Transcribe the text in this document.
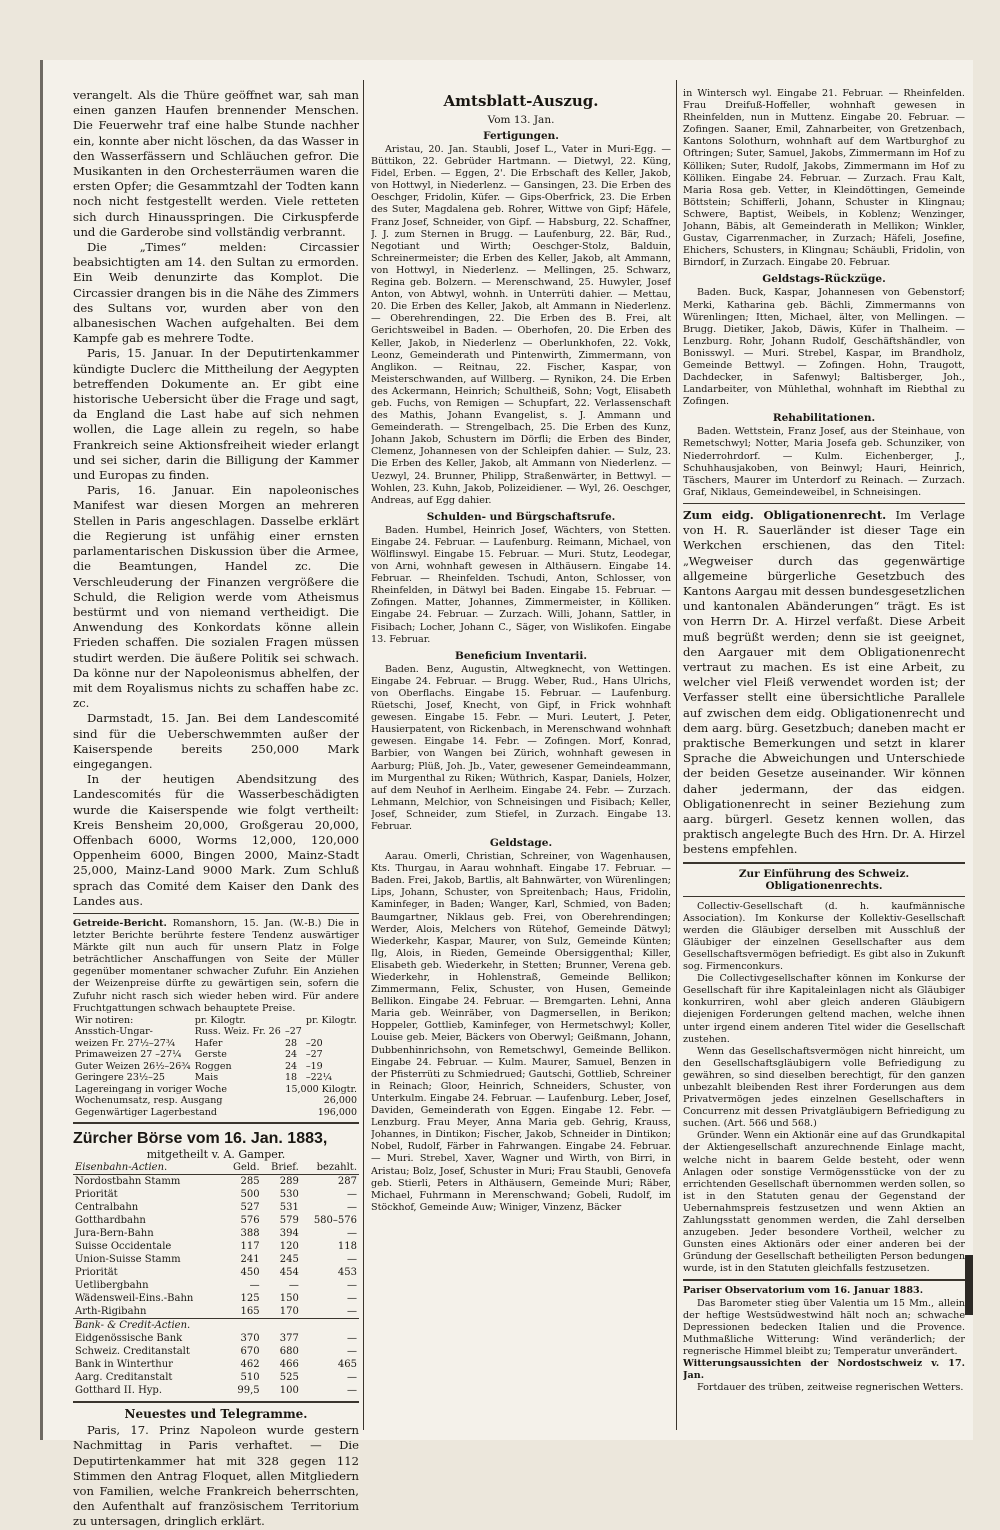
verangelt. Als die Thüre geöffnet war, sah man einen ganzen Haufen brennender Menschen. Die Feuerwehr traf eine halbe Stunde nachher ein, konnte aber nicht löschen, da das Wasser in den Wasserfässern und Schläuchen gefror. Die Musikanten in den Orchesterräumen waren die ersten Opfer; die Gesammtzahl der Todten kann noch nicht festgestellt werden. Viele retteten sich durch Hinausspringen. Die Cirkuspferde und die Garderobe sind vollständig verbrannt.

Die „Times“ melden: Circassier beabsichtigten am 14. den Sultan zu ermorden. Ein Weib denunzirte das Komplot. Die Circassier drangen bis in die Nähe des Zimmers des Sultans vor, wurden aber von den albanesischen Wachen aufgehalten. Bei dem Kampfe gab es mehrere Todte.

Paris, 15. Januar. In der Deputirtenkammer kündigte Duclerc die Mittheilung der Aegypten betreffenden Dokumente an. Er gibt eine historische Uebersicht über die Frage und sagt, da England die Last habe auf sich nehmen wollen, die Lage allein zu regeln, so habe Frankreich seine Aktionsfreiheit wieder erlangt und sei sicher, darin die Billigung der Kammer und Europas zu finden.

Paris, 16. Januar. Ein napoleonisches Manifest war diesen Morgen an mehreren Stellen in Paris angeschlagen. Dasselbe erklärt die Regierung ist unfähig einer ernsten parlamentarischen Diskussion über die Armee, die Beamtungen, Handel zc. Die Verschleuderung der Finanzen vergrößere die Schuld, die Religion werde vom Atheismus bestürmt und von niemand vertheidigt. Die Anwendung des Konkordats könne allein Frieden schaffen. Die sozialen Fragen müssen studirt werden. Die äußere Politik sei schwach. Da könne nur der Napoleonismus abhelfen, der mit dem Royalismus nichts zu schaffen habe zc. zc.

Darmstadt, 15. Jan. Bei dem Landescomité sind für die Ueberschwemmten außer der Kaiserspende bereits 250,000 Mark eingegangen.

In der heutigen Abendsitzung des Landescomités für die Wasserbeschädigten wurde die Kaiserspende wie folgt vertheilt: Kreis Bensheim 20,000, Großgerau 20,000, Offenbach 6000, Worms 12,000, 120,000 Oppenheim 6000, Bingen 2000, Mainz-Stadt 25,000, Mainz-Land 9000 Mark. Zum Schluß sprach das Comité dem Kaiser den Dank des Landes aus.

Getreide-Bericht. Romanshorn, 15. Jan. (W.-B.) Die in letzter Berichte berührte festere Tendenz auswärtiger Märkte gilt nun auch für unsern Platz in Folge beträchtlicher Anschaffungen von Seite der Müller gegenüber momentaner schwacher Zufuhr. Ein Anziehen der Weizenpreise dürfte zu gewärtigen sein, sofern die Zufuhr nicht rasch sich wieder heben wird. Für andere Fruchtgattungen schwach behauptete Preise.

Wir notiren:	pr. Kilogtr.		pr. Kilogtr.
Ansstich-Ungar-	Russ. Weiz. Fr. 26	–27	
weizen Fr. 27½–27¾	Hafer	28	–20
Primaweizen 27 –27¼	Gerste	24	–27
Guter Weizen 26½–26¾	Roggen	24	–19
Geringere 23½–25	Mais	18	–22¼
Lagereingang in voriger Woche	15,000 Kilogtr.
Wochenumsatz, resp. Ausgang	26,000
Gegenwärtiger Lagerbestand	196,000
Zürcher Börse vom 16. Jan. 1883,
mitgetheilt v. A. Gamper.
Eisenbahn-Actien.	Geld.	Brief.	bezahlt.
Nordostbahn Stamm	285	289	287
Priorität	500	530	—
Centralbahn	527	531	—
Gotthardbahn	576	579	580–576
Jura-Bern-Bahn	388	394	—
Suisse Occidentale	117	120	118
Union-Suisse Stamm	241	245	—
Priorität	450	454	453
Uetlibergbahn	—	—	—
Wädensweil-Eins.-Bahn	125	150	—
Arth-Rigibahn	165	170	—
Bank- & Credit-Actien.			
Eidgenössische Bank	370	377	—
Schweiz. Creditanstalt	670	680	—
Bank in Winterthur	462	466	465
Aarg. Creditanstalt	510	525	—
Gotthard II. Hyp.	99,5	100	—
Neuestes und Telegramme.

Paris, 17. Prinz Napoleon wurde gestern Nachmittag in Paris verhaftet. — Die Deputirtenkammer hat mit 328 gegen 112 Stimmen den Antrag Floquet, allen Mitgliedern von Familien, welche Frankreich beherrschten, den Aufenthalt auf französischem Territorium zu untersagen, dringlich erklärt.

Amtsblatt-Auszug.
Vom 13. Jan.
Fertigungen.

Aristau, 20. Jan. Staubli, Josef L., Vater in Muri-Egg. — Büttikon, 22. Gebrüder Hartmann. — Dietwyl, 22. Küng, Fidel, Erben. — Eggen, 2'. Die Erbschaft des Keller, Jakob, von Hottwyl, in Niederlenz. — Gansingen, 23. Die Erben des Oeschger, Fridolin, Küfer. — Gips-Oberfrick, 23. Die Erben des Suter, Magdalena geb. Rohrer, Wittwe von Gipf; Häfele, Franz Josef, Schneider, von Gipf. — Habsburg, 22. Schaffner, J. J. zum Sternen in Brugg. — Laufenburg, 22. Bär, Rud., Negotiant und Wirth; Oeschger-Stolz, Balduin, Schreinermeister; die Erben des Keller, Jakob, alt Ammann, von Hottwyl, in Niederlenz. — Mellingen, 25. Schwarz, Regina geb. Bolzern. — Merenschwand, 25. Huwyler, Josef Anton, von Abtwyl, wohnh. in Unterrüti dahier. — Mettau, 20. Die Erben des Keller, Jakob, alt Ammann in Niederlenz. — Oberehrendingen, 22. Die Erben des B. Frei, alt Gerichtsweibel in Baden. — Oberhofen, 20. Die Erben des Keller, Jakob, in Niederlenz — Oberlunkhofen, 22. Vokk, Leonz, Gemeinderath und Pintenwirth, Zimmermann, von Anglikon. — Reitnau, 22. Fischer, Kaspar, von Meisterschwanden, auf Willberg. — Rynikon, 24. Die Erben des Ackermann, Heinrich; Schultheiß, Sohn; Vogt, Elisabeth geb. Fuchs, von Remigen — Schupfart, 22. Verlassenschaft des Mathis, Johann Evangelist, s. J. Ammann und Gemeinderath. — Strengelbach, 25. Die Erben des Kunz, Johann Jakob, Schustern im Dörfli; die Erben des Binder, Clemenz, Johannesen von der Schleipfen dahier. — Sulz, 23. Die Erben des Keller, Jakob, alt Ammann von Niederlenz. — Uezwyl, 24. Brunner, Philipp, Straßenwärter, in Bettwyl. — Wohlen, 23. Kuhn, Jakob, Polizeidiener. — Wyl, 26. Oeschger, Andreas, auf Egg dahier.

Schulden- und Bürgschaftsrufe.

Baden. Humbel, Heinrich Josef, Wächters, von Stetten. Eingabe 24. Februar. — Laufenburg. Reimann, Michael, von Wölflinswyl. Eingabe 15. Februar. — Muri. Stutz, Leodegar, von Arni, wohnhaft gewesen in Althäusern. Eingabe 14. Februar. — Rheinfelden. Tschudi, Anton, Schlosser, von Rheinfelden, in Dätwyl bei Baden. Eingabe 15. Februar. — Zofingen. Matter, Johannes, Zimmermeister, in Kölliken. Eingabe 24. Februar. — Zurzach. Willi, Johann, Sattler, in Fisibach; Locher, Johann C., Säger, von Wislikofen. Eingabe 13. Februar.

Beneficium Inventarii.

Baden. Benz, Augustin, Altwegknecht, von Wettingen. Eingabe 24. Februar. — Brugg. Weber, Rud., Hans Ulrichs, von Oberflachs. Eingabe 15. Februar. — Laufenburg. Rüetschi, Josef, Knecht, von Gipf, in Frick wohnhaft gewesen. Eingabe 15. Febr. — Muri. Leutert, J. Peter, Hausierpatent, von Rickenbach, in Merenschwand wohnhaft gewesen. Eingabe 14. Febr. — Zofingen. Morf, Konrad, Barbier, von Wangen bei Zürich, wohnhaft gewesen in Aarburg; Plüß, Joh. Jb., Vater, gewesener Gemeindeammann, im Murgenthal zu Riken; Wüthrich, Kaspar, Daniels, Holzer, auf dem Neuhof in Aerlheim. Eingabe 24. Febr. — Zurzach. Lehmann, Melchior, von Schneisingen und Fisibach; Keller, Josef, Schneider, zum Stiefel, in Zurzach. Eingabe 13. Februar.

Geldstage.

Aarau. Omerli, Christian, Schreiner, von Wagenhausen, Kts. Thurgau, in Aarau wohnhaft. Eingabe 17. Februar. — Baden. Frei, Jakob, Bartlis, alt Bahnwärter, von Würenlingen; Lips, Johann, Schuster, von Spreitenbach; Haus, Fridolin, Kaminfeger, in Baden; Wanger, Karl, Schmied, von Baden; Baumgartner, Niklaus geb. Frei, von Oberehrendingen; Werder, Alois, Melchers von Rütehof, Gemeinde Dätwyl; Wiederkehr, Kaspar, Maurer, von Sulz, Gemeinde Künten; Ilg, Alois, in Rieden, Gemeinde Obersiggenthal; Killer, Elisabeth geb. Wiederkehr, in Stetten; Brunner, Verena geb. Wiederkehr, in Hohlenstraß, Gemeinde Bellikon; Zimmermann, Felix, Schuster, von Husen, Gemeinde Bellikon. Eingabe 24. Februar. — Bremgarten. Lehni, Anna Maria geb. Weinräber, von Dagmersellen, in Berikon; Hoppeler, Gottlieb, Kaminfeger, von Hermetschwyl; Koller, Louise geb. Meier, Bäckers von Oberwyl; Geißmann, Johann, Dubbenhinrichsohn, von Remetschwyl, Gemeinde Bellikon. Eingabe 24. Februar. — Kulm. Maurer, Samuel, Benzen in der Pfisterrüti zu Schmiedrued; Gautschi, Gottlieb, Schreiner in Reinach; Gloor, Heinrich, Schneiders, Schuster, von Unterkulm. Eingabe 24. Februar. — Laufenburg. Leber, Josef, Daviden, Gemeinderath von Eggen. Eingabe 12. Febr. — Lenzburg. Frau Meyer, Anna Maria geb. Gehrig, Krauss, Johannes, in Dintikon; Fischer, Jakob, Schneider in Dintikon; Nobel, Rudolf, Färber in Fahrwangen. Eingabe 24. Februar. — Muri. Strebel, Xaver, Wagner und Wirth, von Birri, in Aristau; Bolz, Josef, Schuster in Muri; Frau Staubli, Genovefa geb. Stierli, Peters in Althäusern, Gemeinde Muri; Räber, Michael, Fuhrmann in Merenschwand; Gobeli, Rudolf, im Stöckhof, Gemeinde Auw; Winiger, Vinzenz, Bäcker

in Wintersch wyl. Eingabe 21. Februar. — Rheinfelden. Frau Dreifuß-Hoffeller, wohnhaft gewesen in Rheinfelden, nun in Muttenz. Eingabe 20. Februar. — Zofingen. Saaner, Emil, Zahnarbeiter, von Gretzenbach, Kantons Solothurn, wohnhaft auf dem Wartburghof zu Oftringen; Suter, Samuel, Jakobs, Zimmermann im Hof zu Kölliken; Suter, Rudolf, Jakobs, Zimmermann im Hof zu Kölliken. Eingabe 24. Februar. — Zurzach. Frau Kalt, Maria Rosa geb. Vetter, in Kleindöttingen, Gemeinde Böttstein; Schifferli, Johann, Schuster in Klingnau; Schwere, Baptist, Weibels, in Koblenz; Wenzinger, Johann, Bäbis, alt Gemeinderath in Mellikon; Winkler, Gustav, Cigarrenmacher, in Zurzach; Häfeli, Josefine, Ehichers, Schusters, in Klingnau; Schäubli, Fridolin, von Birndorf, in Zurzach. Eingabe 20. Februar.

Geldstags-Rückzüge.

Baden. Buck, Kaspar, Johannesen von Gebenstorf; Merki, Katharina geb. Bächli, Zimmermanns von Würenlingen; Itten, Michael, älter, von Mellingen. — Brugg. Dietiker, Jakob, Däwis, Küfer in Thalheim. — Lenzburg. Rohr, Johann Rudolf, Geschäftshändler, von Bonisswyl. — Muri. Strebel, Kaspar, im Brandholz, Gemeinde Bettwyl. — Zofingen. Hohn, Traugott, Dachdecker, in Safenwyl; Baltisberger, Joh., Landarbeiter, von Mühlethal, wohnhaft im Riebthal zu Zofingen.

Rehabilitationen.

Baden. Wettstein, Franz Josef, aus der Steinhaue, von Remetschwyl; Notter, Maria Josefa geb. Schunziker, von Niederrohrdorf. — Kulm. Eichenberger, J., Schuhhausjakoben, von Beinwyl; Hauri, Heinrich, Täschers, Maurer im Unterdorf zu Reinach. — Zurzach. Graf, Niklaus, Gemeindeweibel, in Schneisingen.

Zum eidg. Obligationenrecht. Im Verlage von H. R. Sauerländer ist dieser Tage ein Werkchen erschienen, das den Titel: „Wegweiser durch das gegenwärtige allgemeine bürgerliche Gesetzbuch des Kantons Aargau mit dessen bundesgesetzlichen und kantonalen Abänderungen“ trägt. Es ist von Herrn Dr. A. Hirzel verfaßt. Diese Arbeit muß begrüßt werden; denn sie ist geeignet, den Aargauer mit dem Obligationenrecht vertraut zu machen. Es ist eine Arbeit, zu welcher viel Fleiß verwendet worden ist; der Verfasser stellt eine übersichtliche Parallele auf zwischen dem eidg. Obligationenrecht und dem aarg. bürg. Gesetzbuch; daneben macht er praktische Bemerkungen und setzt in klarer Sprache die Abweichungen und Unterschiede der beiden Gesetze auseinander. Wir können daher jedermann, der das eidgen. Obligationenrecht in seiner Beziehung zum aarg. bürgerl. Gesetz kennen wollen, das praktisch angelegte Buch des Hrn. Dr. A. Hirzel bestens empfehlen.

Zur Einführung des Schweiz. Obligationenrechts.

Collectiv-Gesellschaft (d. h. kaufmännische Association). Im Konkurse der Kollektiv-Gesellschaft werden die Gläubiger derselben mit Ausschluß der Gläubiger der einzelnen Gesellschafter aus dem Gesellschaftsvermögen befriedigt. Es gibt also in Zukunft sog. Firmenconkurs.

Die Collectivgesellschafter können im Konkurse der Gesellschaft für ihre Kapitaleinlagen nicht als Gläubiger konkurriren, wohl aber gleich anderen Gläubigern diejenigen Forderungen geltend machen, welche ihnen unter irgend einem anderen Titel wider die Gesellschaft zustehen.

Wenn das Gesellschaftsvermögen nicht hinreicht, um den Gesellschaftsgläubigern volle Befriedigung zu gewähren, so sind dieselben berechtigt, für den ganzen unbezahlt bleibenden Rest ihrer Forderungen aus dem Privatvermögen jedes einzelnen Gesellschafters in Concurrenz mit dessen Privatgläubigern Befriedigung zu suchen. (Art. 566 und 568.)

Gründer. Wenn ein Aktionär eine auf das Grundkapital der Aktiengesellschaft anzurechnende Einlage macht, welche nicht in baarem Gelde besteht, oder wenn Anlagen oder sonstige Vermögensstücke von der zu errichtenden Gesellschaft übernommen werden sollen, so ist in den Statuten genau der Gegenstand der Uebernahmspreis festzusetzen und wenn Aktien an Zahlungsstatt genommen werden, die Zahl derselben anzugeben. Jeder besondere Vortheil, welcher zu Gunsten eines Aktionärs oder einer anderen bei der Gründung der Gesellschaft betheiligten Person bedungen wurde, ist in den Statuten gleichfalls festzusetzen.

Pariser Observatorium vom 16. Januar 1883.

Das Barometer stieg über Valentia um 15 Mm., allein der heftige Westsüdwestwind hält noch an; schwache Depressionen bedecken Italien und die Provence. Muthmaßliche Witterung: Wind veränderlich; der regnerische Himmel bleibt zu; Temperatur unverändert.

Witterungsaussichten der Nordostschweiz v. 17. Jan.

Fortdauer des trüben, zeitweise regnerischen Wetters.
